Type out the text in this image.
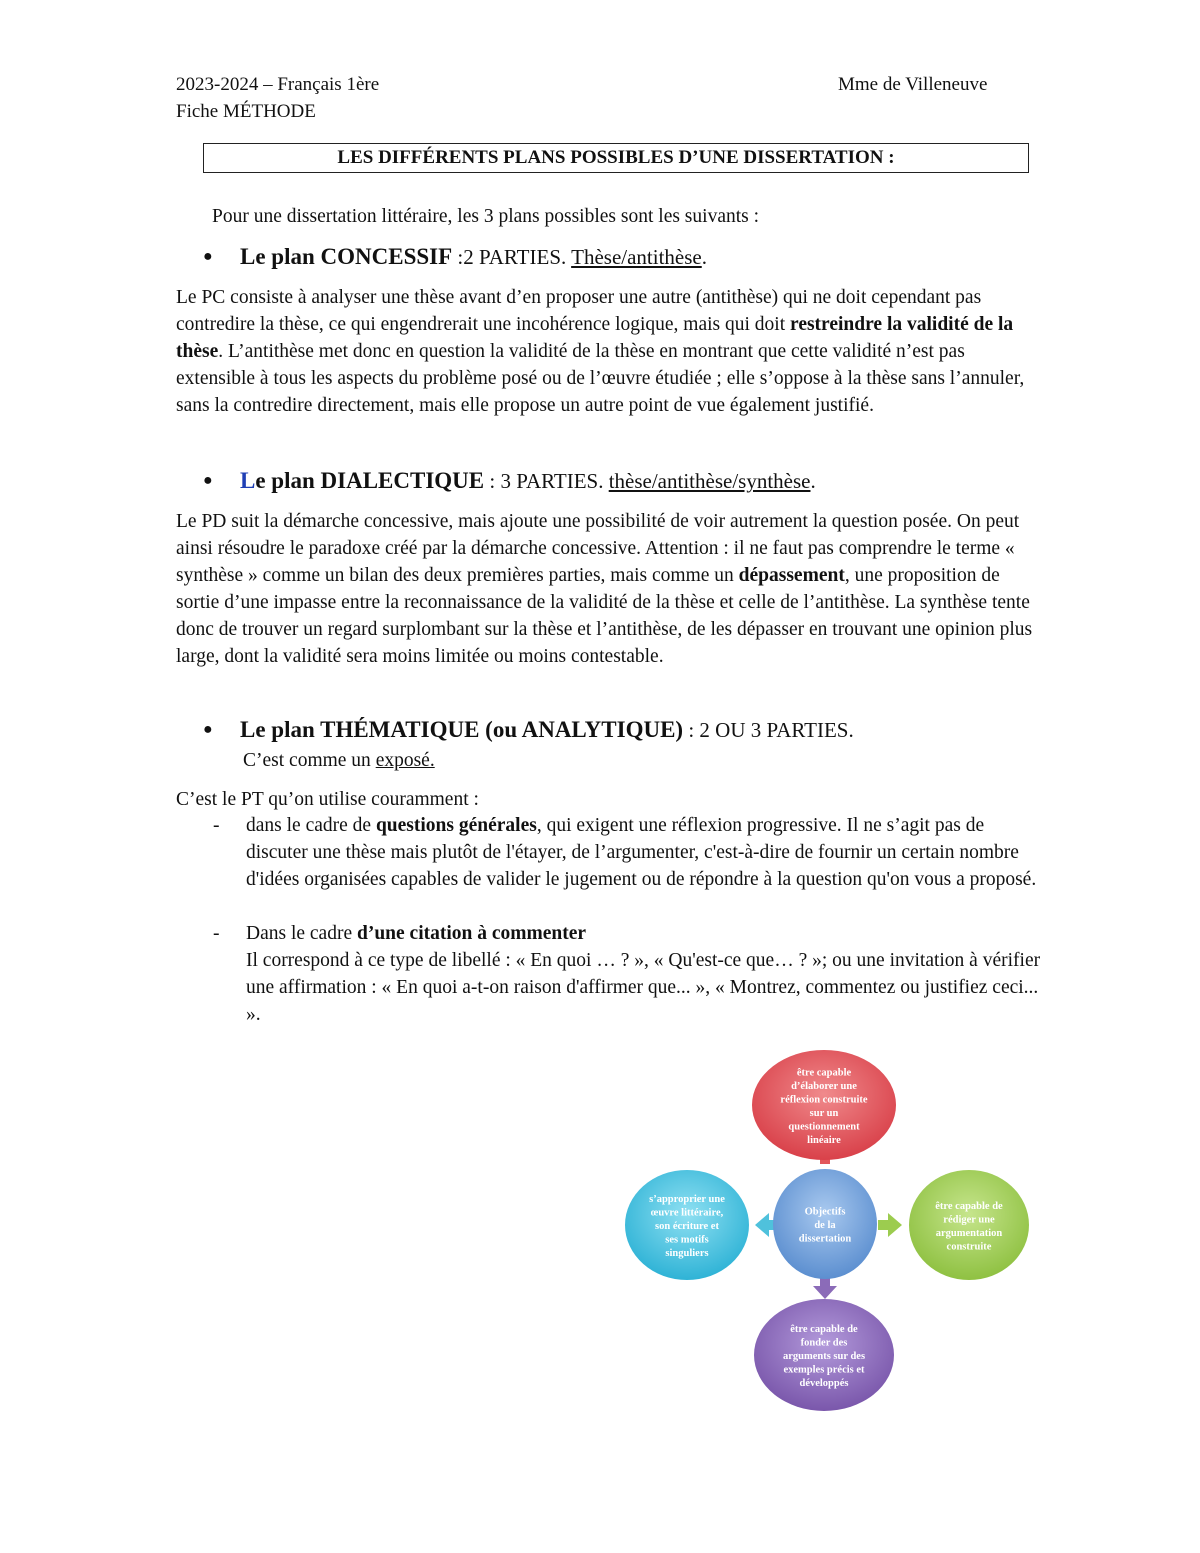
2023-2024 – Français 1ère
Fiche MÉTHODE
Mme de Villeneuve
LES DIFFÉRENTS PLANS POSSIBLES D’UNE DISSERTATION :
Pour une dissertation littéraire, les 3 plans possibles sont les suivants :
● Le plan CONCESSIF :2 PARTIES. Thèse/antithèse.

Le PC consiste à analyser une thèse avant d’en proposer une autre (antithèse) qui ne doit cependant pas contredire la thèse, ce qui engendrerait une incohérence logique, mais qui doit restreindre la validité de la thèse. L’antithèse met donc en question la validité de la thèse en montrant que cette validité n’est pas extensible à tous les aspects du problème posé ou de l’œuvre étudiée ; elle s’oppose à la thèse sans l’annuler, sans la contredire directement, mais elle propose un autre point de vue également justifié.

● Le plan DIALECTIQUE : 3 PARTIES. thèse/antithèse/synthèse.

Le PD suit la démarche concessive, mais ajoute une possibilité de voir autrement la question posée. On peut ainsi résoudre le paradoxe créé par la démarche concessive. Attention : il ne faut pas comprendre le terme « synthèse » comme un bilan des deux premières parties, mais comme un dépassement, une proposition de sortie d’une impasse entre la reconnaissance de la validité de la thèse et celle de l’antithèse. La synthèse tente donc de trouver un regard surplombant sur la thèse et l’antithèse, de les dépasser en trouvant une opinion plus large, dont la validité sera moins limitée ou moins contestable.

● Le plan THÉMATIQUE (ou ANALYTIQUE) : 2 OU 3 PARTIES.
C’est comme un exposé.
C’est le PT qu’on utilise couramment :
- dans le cadre de questions générales, qui exigent une réflexion progressive. Il ne s’agit pas de discuter une thèse mais plutôt de l'étayer, de l’argumenter, c'est-à-dire de fournir un certain nombre d'idées organisées capables de valider le jugement ou de répondre à la question qu'on vous a proposé.
- Dans le cadre d’une citation à commenter
Il correspond à ce type de libellé : « En quoi … ? », « Qu'est-ce que… ? »; ou une invitation à vérifier une affirmation : « En quoi a-t-on raison d'affirmer que... », « Montrez, commentez ou justifiez ceci... ».
être capable
d’élaborer une
réflexion construite
sur un
questionnement
linéaire
s’approprier une
œuvre littéraire,
son écriture et
ses motifs
singuliers
Objectifs
de la
dissertation
être capable de
rédiger une
argumentation
construite
être capable de
fonder des
arguments sur des
exemples précis et
développés
